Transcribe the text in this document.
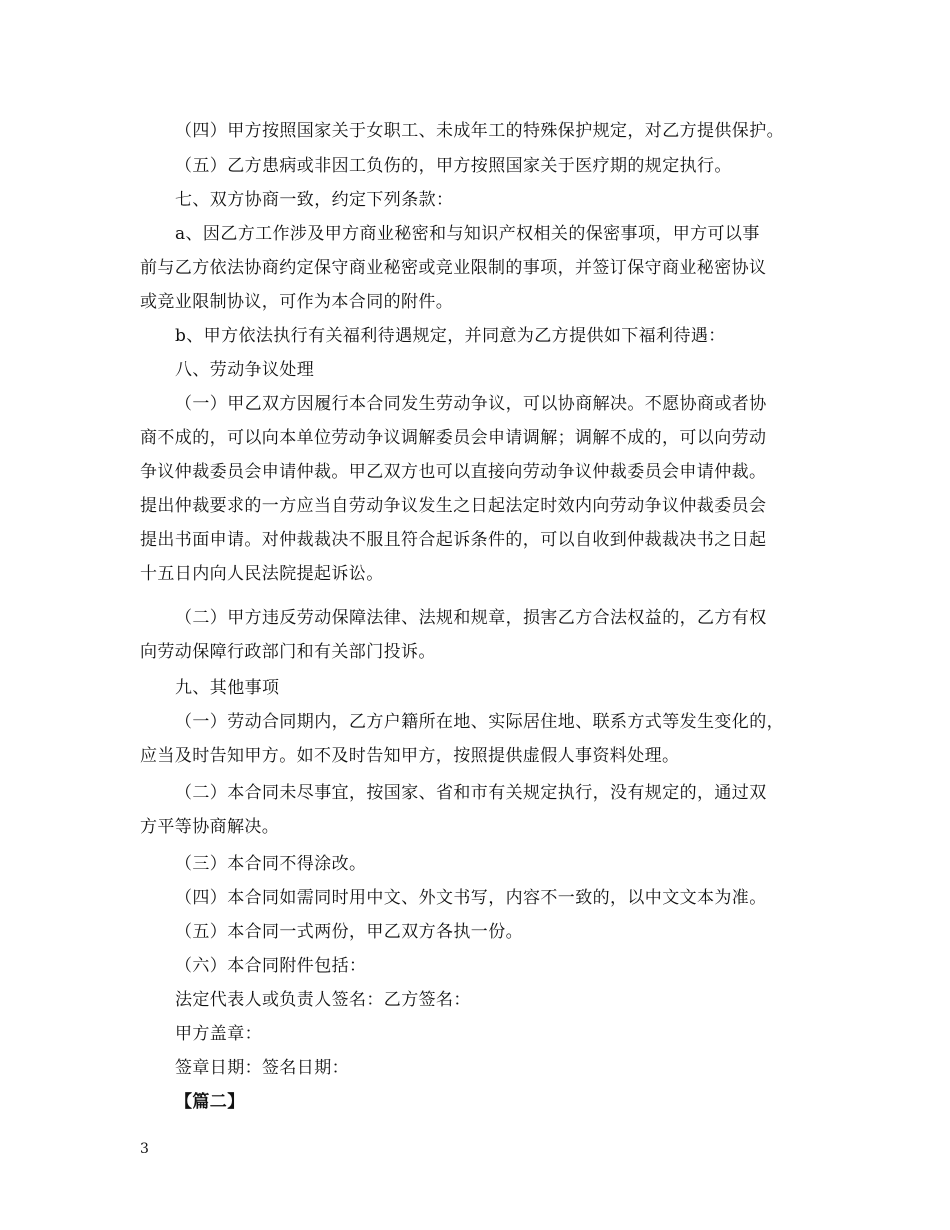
（四）甲方按照国家关于女职工、未成年工的特殊保护规定，对乙方提供保护。
（五）乙方患病或非因工负伤的，甲方按照国家关于医疗期的规定执行。
七、双方协商一致，约定下列条款：
a、因乙方工作涉及甲方商业秘密和与知识产权相关的保密事项，甲方可以事
前与乙方依法协商约定保守商业秘密或竞业限制的事项，并签订保守商业秘密协议
或竞业限制协议，可作为本合同的附件。
b、甲方依法执行有关福利待遇规定，并同意为乙方提供如下福利待遇：
八、劳动争议处理
（一）甲乙双方因履行本合同发生劳动争议，可以协商解决。不愿协商或者协
商不成的，可以向本单位劳动争议调解委员会申请调解；调解不成的，可以向劳动
争议仲裁委员会申请仲裁。甲乙双方也可以直接向劳动争议仲裁委员会申请仲裁。
提出仲裁要求的一方应当自劳动争议发生之日起法定时效内向劳动争议仲裁委员会
提出书面申请。对仲裁裁决不服且符合起诉条件的，可以自收到仲裁裁决书之日起
十五日内向人民法院提起诉讼。
（二）甲方违反劳动保障法律、法规和规章，损害乙方合法权益的，乙方有权
向劳动保障行政部门和有关部门投诉。
九、其他事项
（一）劳动合同期内，乙方户籍所在地、实际居住地、联系方式等发生变化的，
应当及时告知甲方。如不及时告知甲方，按照提供虚假人事资料处理。
（二）本合同未尽事宜，按国家、省和市有关规定执行，没有规定的，通过双
方平等协商解决。
（三）本合同不得涂改。
（四）本合同如需同时用中文、外文书写，内容不一致的，以中文文本为准。
（五）本合同一式两份，甲乙双方各执一份。
（六）本合同附件包括：
法定代表人或负责人签名：乙方签名：
甲方盖章：
签章日期：签名日期：
【篇二】
3
